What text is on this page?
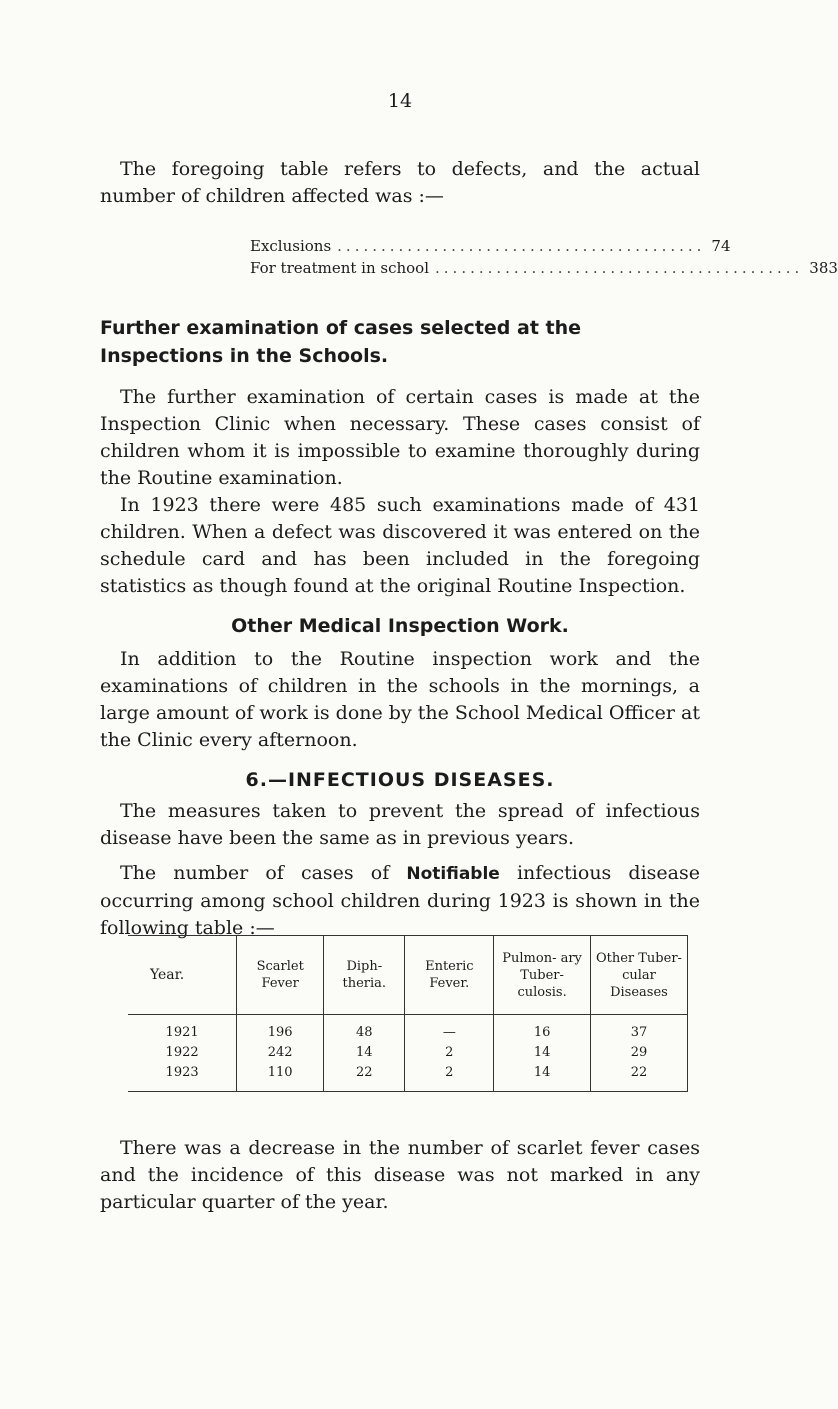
14

The foregoing table refers to defects, and the actual number of children affected was :—

Exclusions .......................................... 74
For treatment in school .......................................... 383
Further examination of cases selected at the Inspections in the Schools.

The further examination of certain cases is made at the Inspection Clinic when necessary. These cases consist of children whom it is impossible to examine thoroughly during the Routine examination.

In 1923 there were 485 such examinations made of 431 children. When a defect was discovered it was entered on the schedule card and has been included in the foregoing statistics as though found at the original Routine Inspection.

Other Medical Inspection Work.

In addition to the Routine inspection work and the examinations of children in the schools in the mornings, a large amount of work is done by the School Medical Officer at the Clinic every afternoon.

6.—INFECTIOUS DISEASES.

The measures taken to prevent the spread of infectious disease have been the same as in previous years.

The number of cases of Notifiable infectious disease occurring among school children during 1923 is shown in the following table :—

Year.	Scarlet Fever	Diph- theria.	Enteric Fever.	Pulmon- ary Tuber- culosis.	Other Tuber- cular Diseases
1921	196	48	—	16	37
1922	242	14	2	14	29
1923	110	22	2	14	22

There was a decrease in the number of scarlet fever cases and the incidence of this disease was not marked in any particular quarter of the year.
